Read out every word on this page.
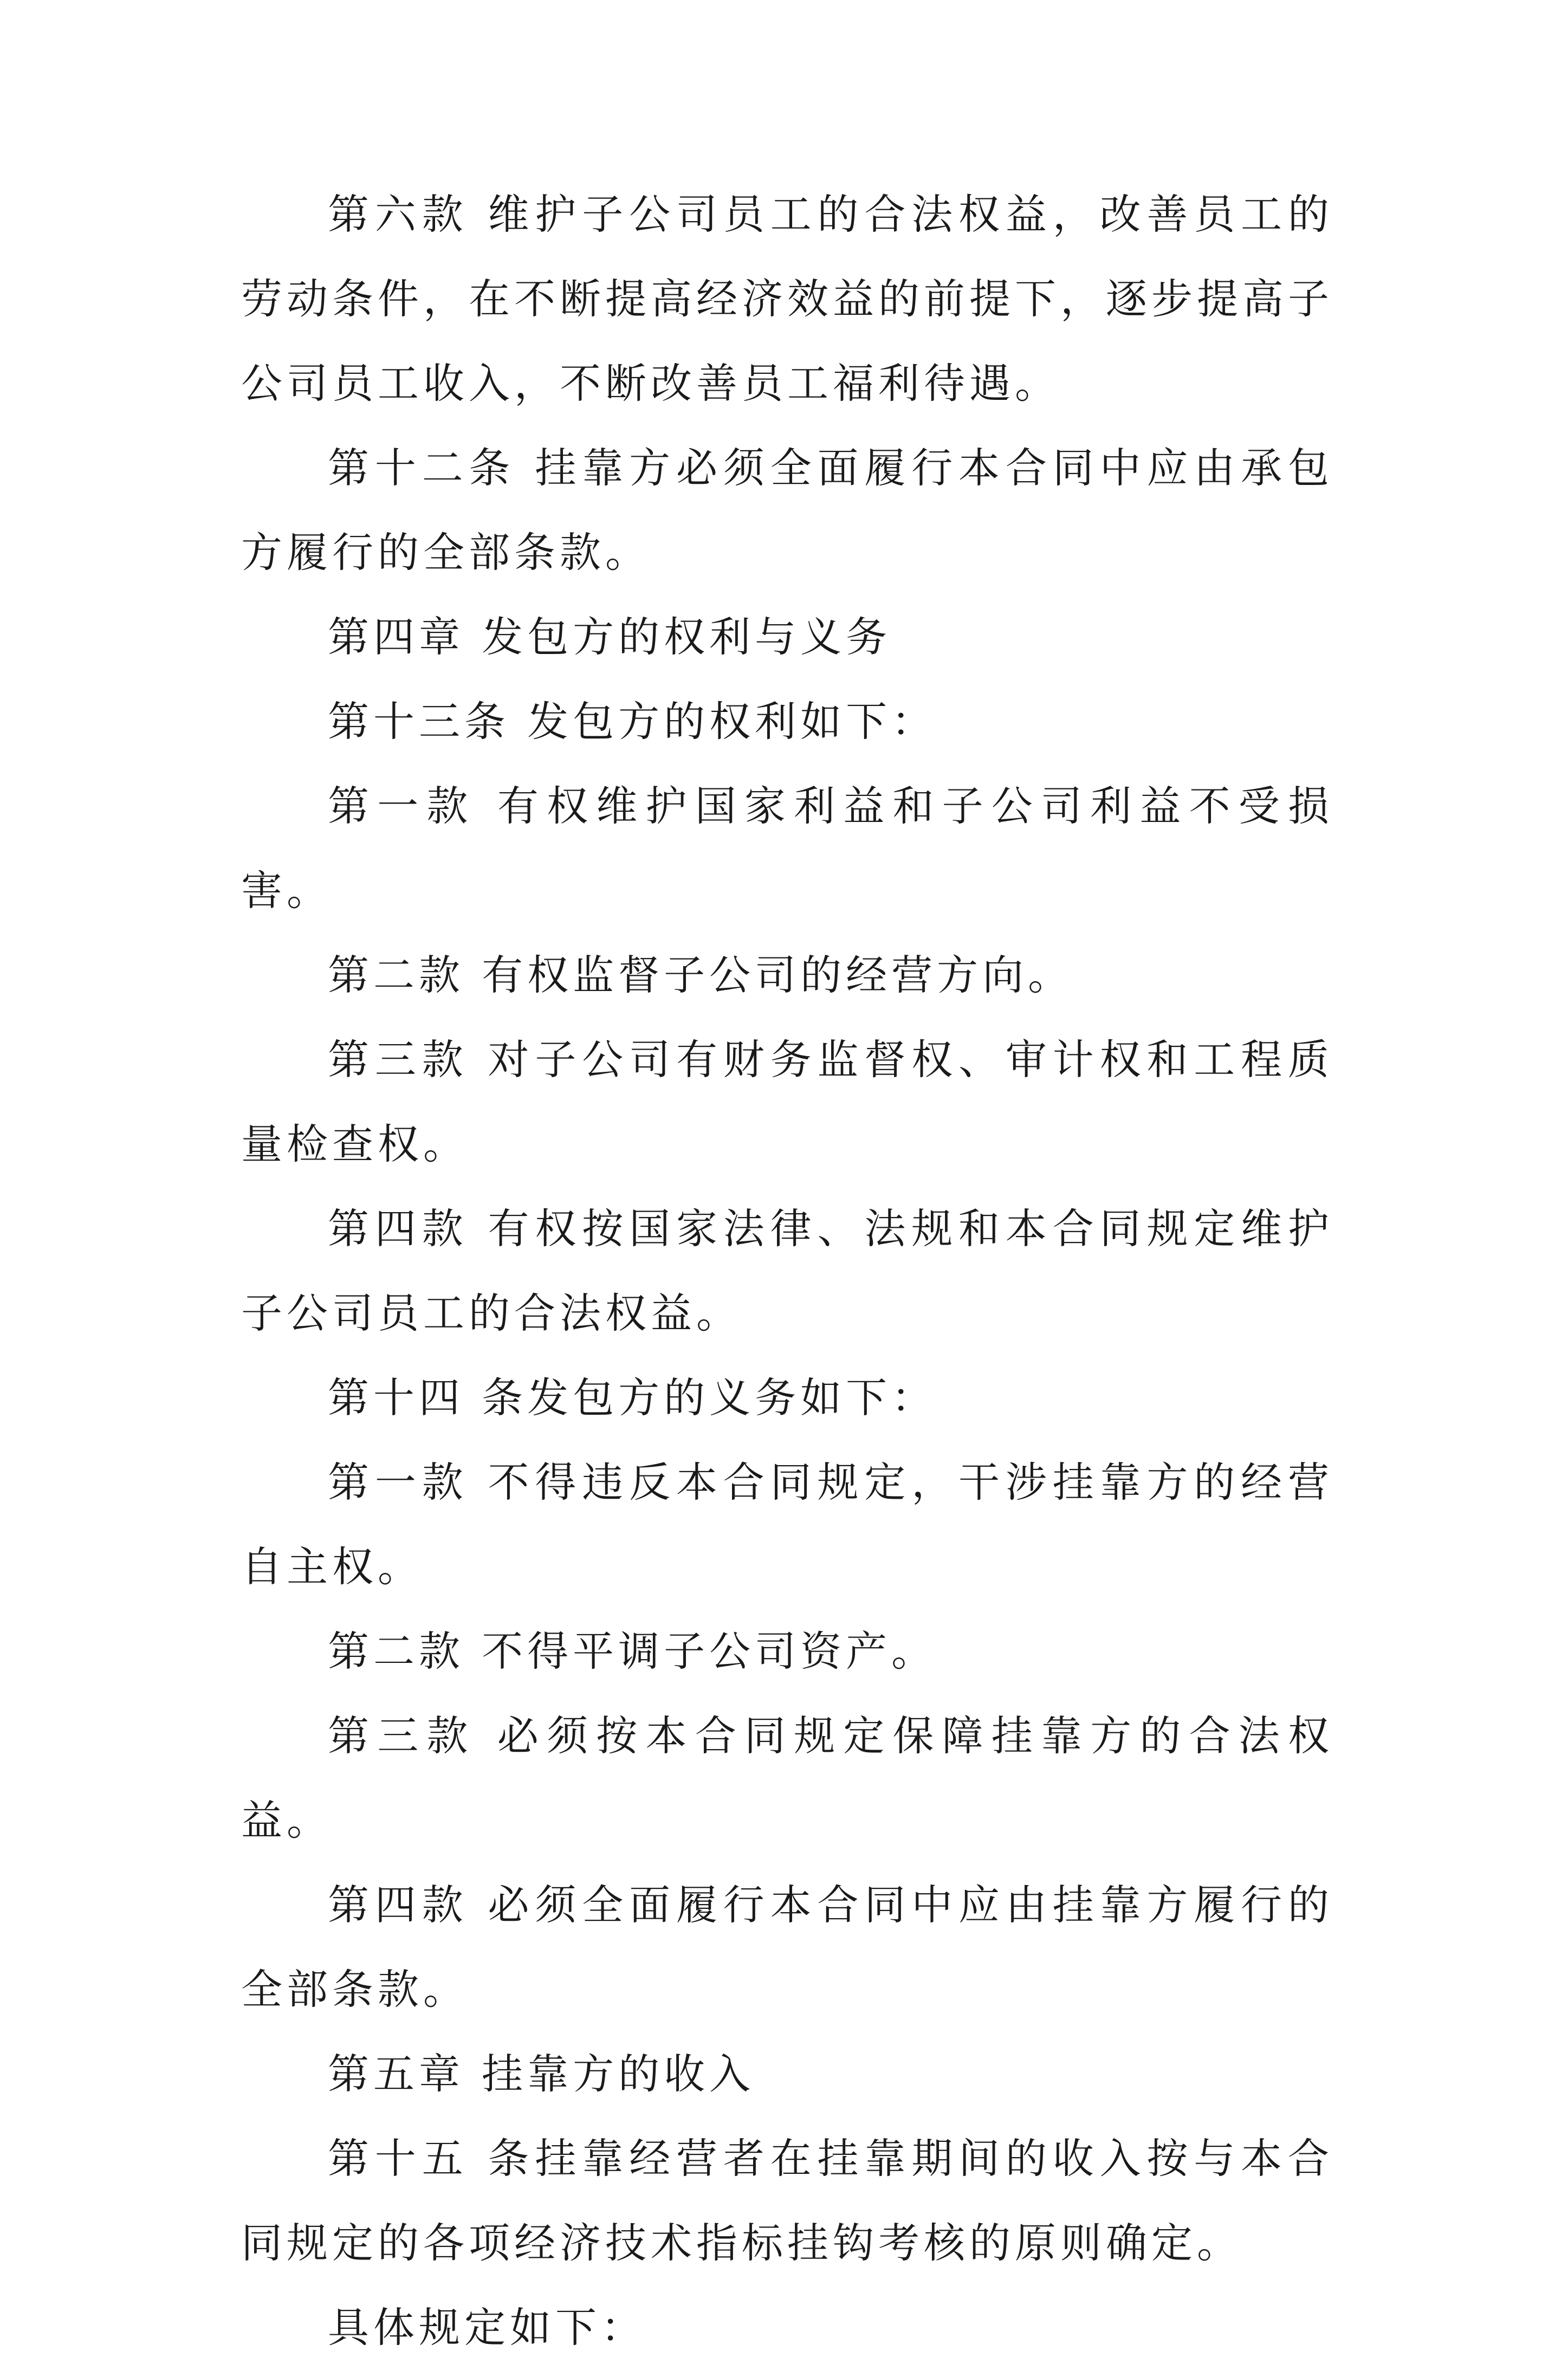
第六款 维护子公司员工的合法权益，改善员工的劳动条件，在不断提高经济效益的前提下，逐步提高子公司员工收入，不断改善员工福利待遇。

第十二条 挂靠方必须全面履行本合同中应由承包方履行的全部条款。

第四章 发包方的权利与义务

第十三条 发包方的权利如下：

第一款 有权维护国家利益和子公司利益不受损害。

第二款 有权监督子公司的经营方向。

第三款 对子公司有财务监督权、审计权和工程质量检查权。

第四款 有权按国家法律、法规和本合同规定维护子公司员工的合法权益。

第十四 条发包方的义务如下：

第一款 不得违反本合同规定，干涉挂靠方的经营自主权。

第二款 不得平调子公司资产。

第三款 必须按本合同规定保障挂靠方的合法权益。

第四款 必须全面履行本合同中应由挂靠方履行的全部条款。

第五章 挂靠方的收入

第十五 条挂靠经营者在挂靠期间的收入按与本合同规定的各项经济技术指标挂钩考核的原则确定。

具体规定如下：
